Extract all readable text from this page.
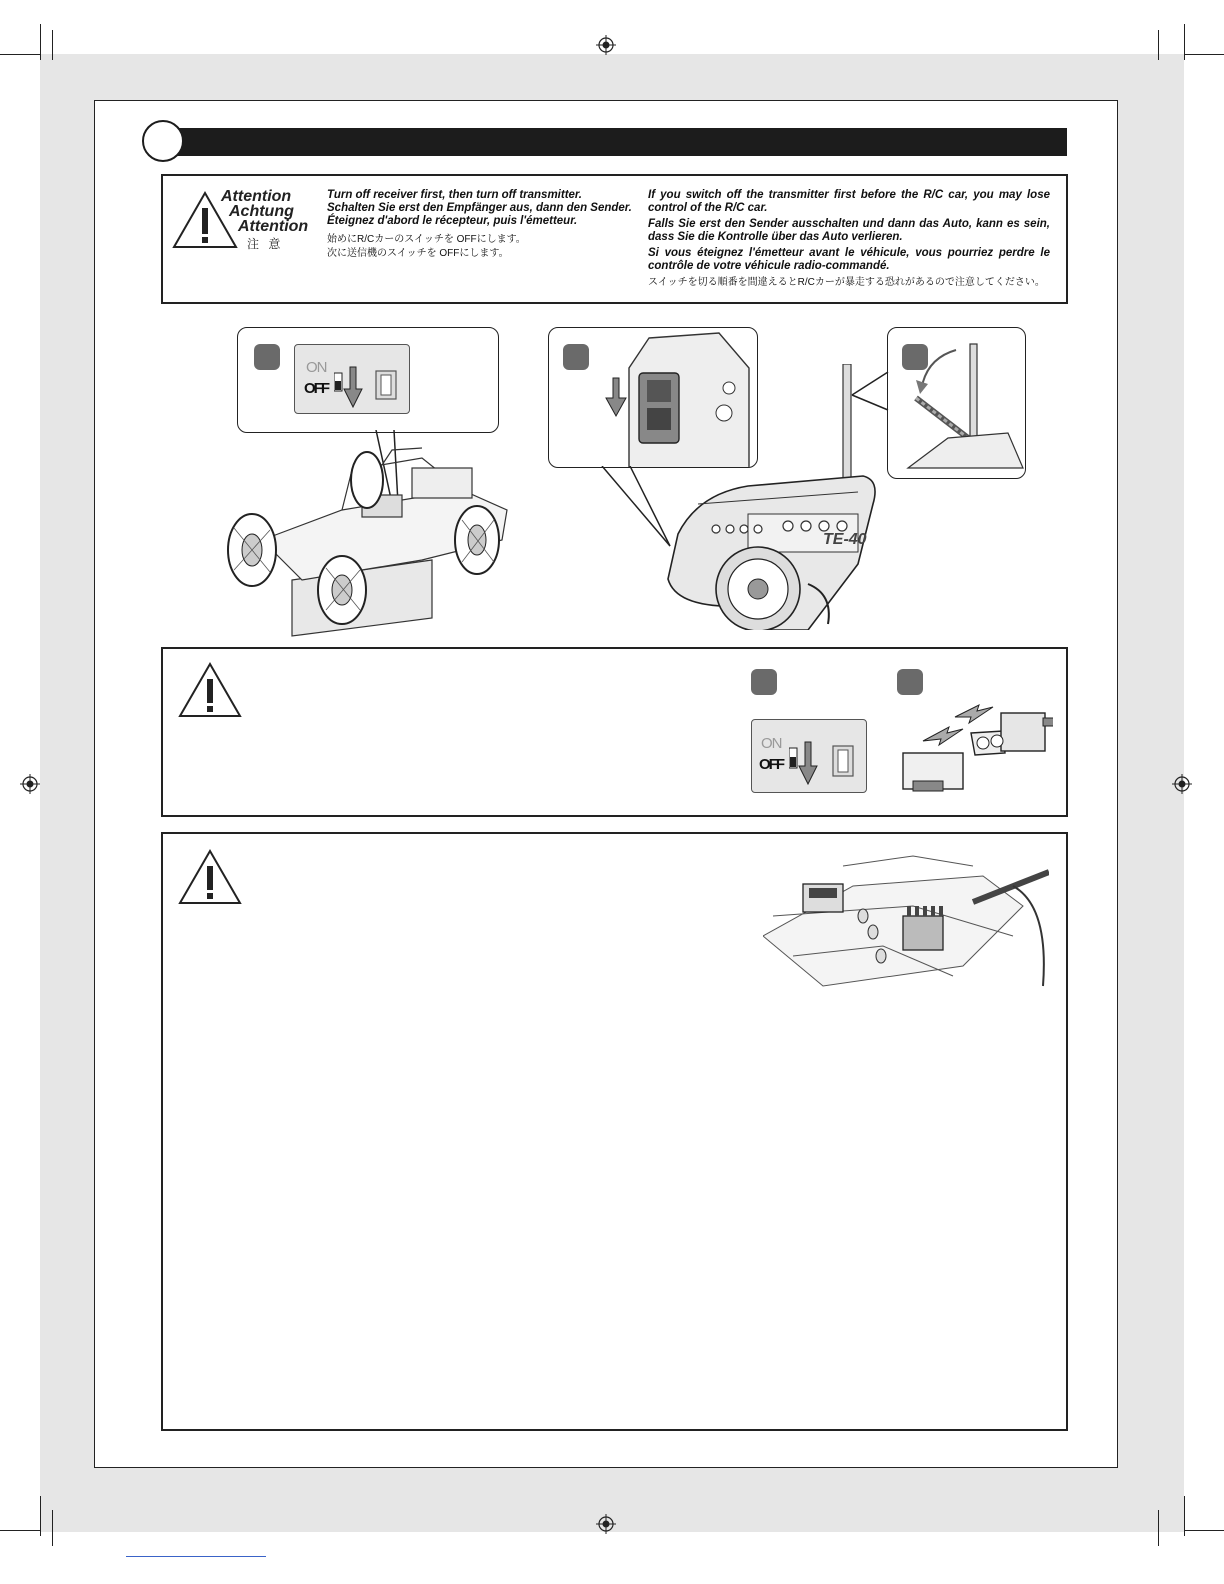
Attention
Achtung
Attention
注 意
Turn off receiver first, then turn off transmitter.
Schalten Sie erst den Empfänger aus, dann den Sender.
Éteignez d'abord le récepteur, puis l'émetteur.
始めにR/Cカーのスイッチを OFFにします。
次に送信機のスイッチを OFFにします。

If you switch off the transmitter first before the R/C car, you may lose control of the R/C car.

Falls Sie erst den Sender ausschalten und dann das Auto, kann es sein, dass Sie die Kontrolle über das Auto verlieren.

Si vous éteignez l'émetteur avant le véhicule, vous pourriez perdre le contrôle de votre véhicule radio-commandé.

スイッチを切る順番を間違えるとR/Cカーが暴走する恐れがあるので注意してください。

ON
OFF
TE-40
ON
OFF
